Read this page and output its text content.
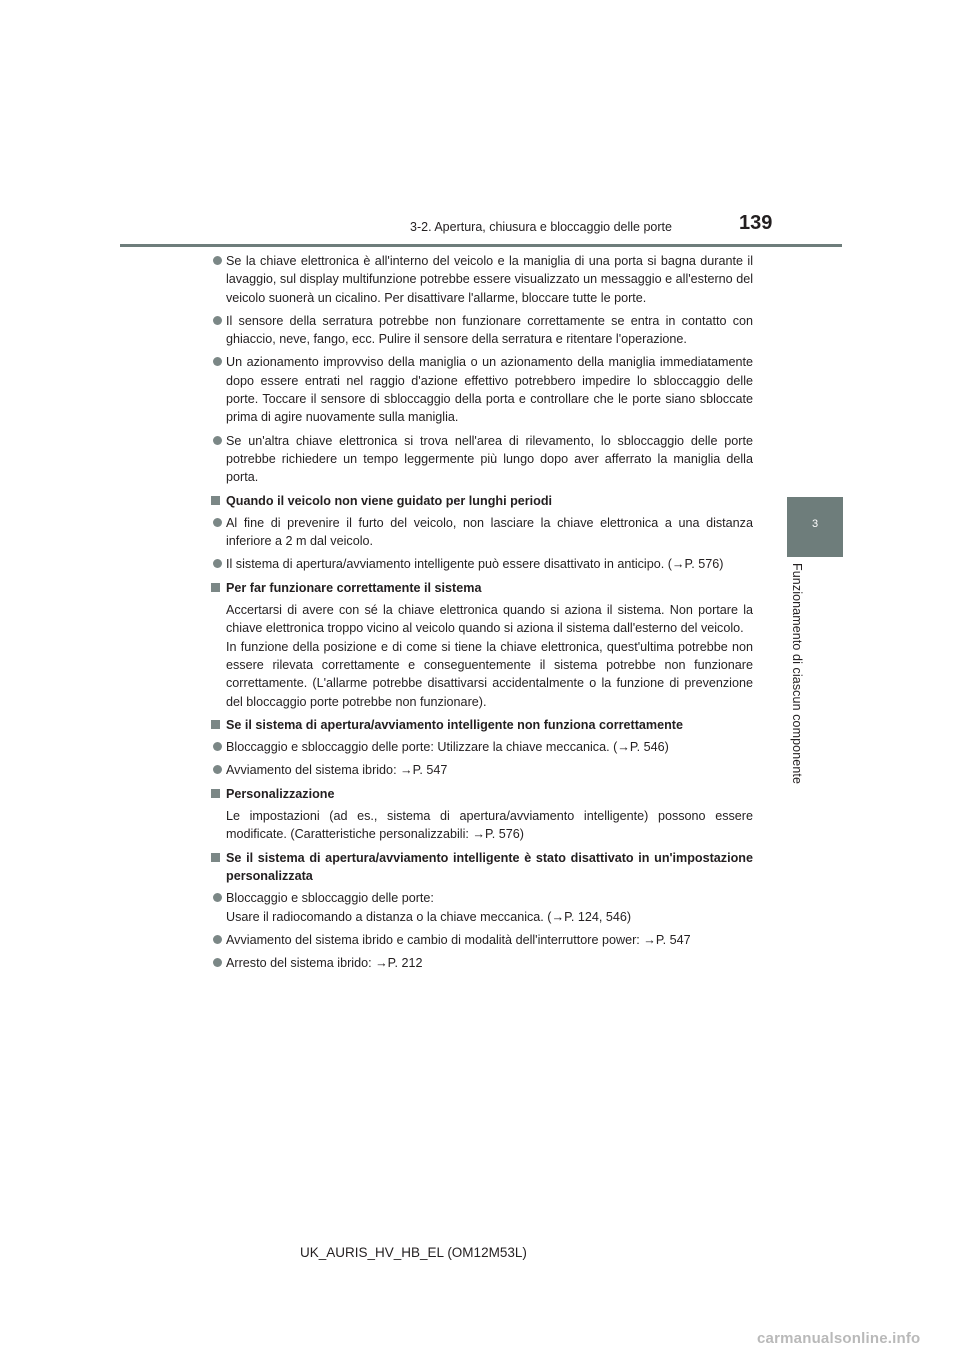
3-2. Apertura, chiusura e bloccaggio delle porte	139
3
Funzionamento di ciascun componente
Se la chiave elettronica è all'interno del veicolo e la maniglia di una porta si bagna durante il lavaggio, sul display multifunzione potrebbe essere visualizzato un messaggio e all'esterno del veicolo suonerà un cicalino. Per disattivare l'allarme, bloccare tutte le porte.
Il sensore della serratura potrebbe non funzionare correttamente se entra in contatto con ghiaccio, neve, fango, ecc. Pulire il sensore della serratura e ritentare l'operazione.
Un azionamento improvviso della maniglia o un azionamento della maniglia immediatamente dopo essere entrati nel raggio d'azione effettivo potrebbero impedire lo sbloccaggio delle porte. Toccare il sensore di sbloccaggio della porta e controllare che le porte siano sbloccate prima di agire nuovamente sulla maniglia.
Se un'altra chiave elettronica si trova nell'area di rilevamento, lo sbloccaggio delle porte potrebbe richiedere un tempo leggermente più lungo dopo aver afferrato la maniglia della porta.
Quando il veicolo non viene guidato per lunghi periodi
Al fine di prevenire il furto del veicolo, non lasciare la chiave elettronica a una distanza inferiore a 2 m dal veicolo.
Il sistema di apertura/avviamento intelligente può essere disattivato in anticipo. (→P. 576)
Per far funzionare correttamente il sistema
Accertarsi di avere con sé la chiave elettronica quando si aziona il sistema. Non portare la chiave elettronica troppo vicino al veicolo quando si aziona il sistema dall'esterno del veicolo.
In funzione della posizione e di come si tiene la chiave elettronica, quest'ultima potrebbe non essere rilevata correttamente e conseguentemente il sistema potrebbe non funzionare correttamente. (L'allarme potrebbe disattivarsi accidentalmente o la funzione di prevenzione del bloccaggio porte potrebbe non funzionare).
Se il sistema di apertura/avviamento intelligente non funziona correttamente
Bloccaggio e sbloccaggio delle porte: Utilizzare la chiave meccanica. (→P. 546)
Avviamento del sistema ibrido: →P. 547
Personalizzazione
Le impostazioni (ad es., sistema di apertura/avviamento intelligente) possono essere modificate. (Caratteristiche personalizzabili: →P. 576)
Se il sistema di apertura/avviamento intelligente è stato disattivato in un'impostazione personalizzata
Bloccaggio e sbloccaggio delle porte:
Usare il radiocomando a distanza o la chiave meccanica. (→P. 124, 546)
Avviamento del sistema ibrido e cambio di modalità dell'interruttore power: →P. 547
Arresto del sistema ibrido: →P. 212
UK_AURIS_HV_HB_EL (OM12M53L)
carmanualsonline.info
